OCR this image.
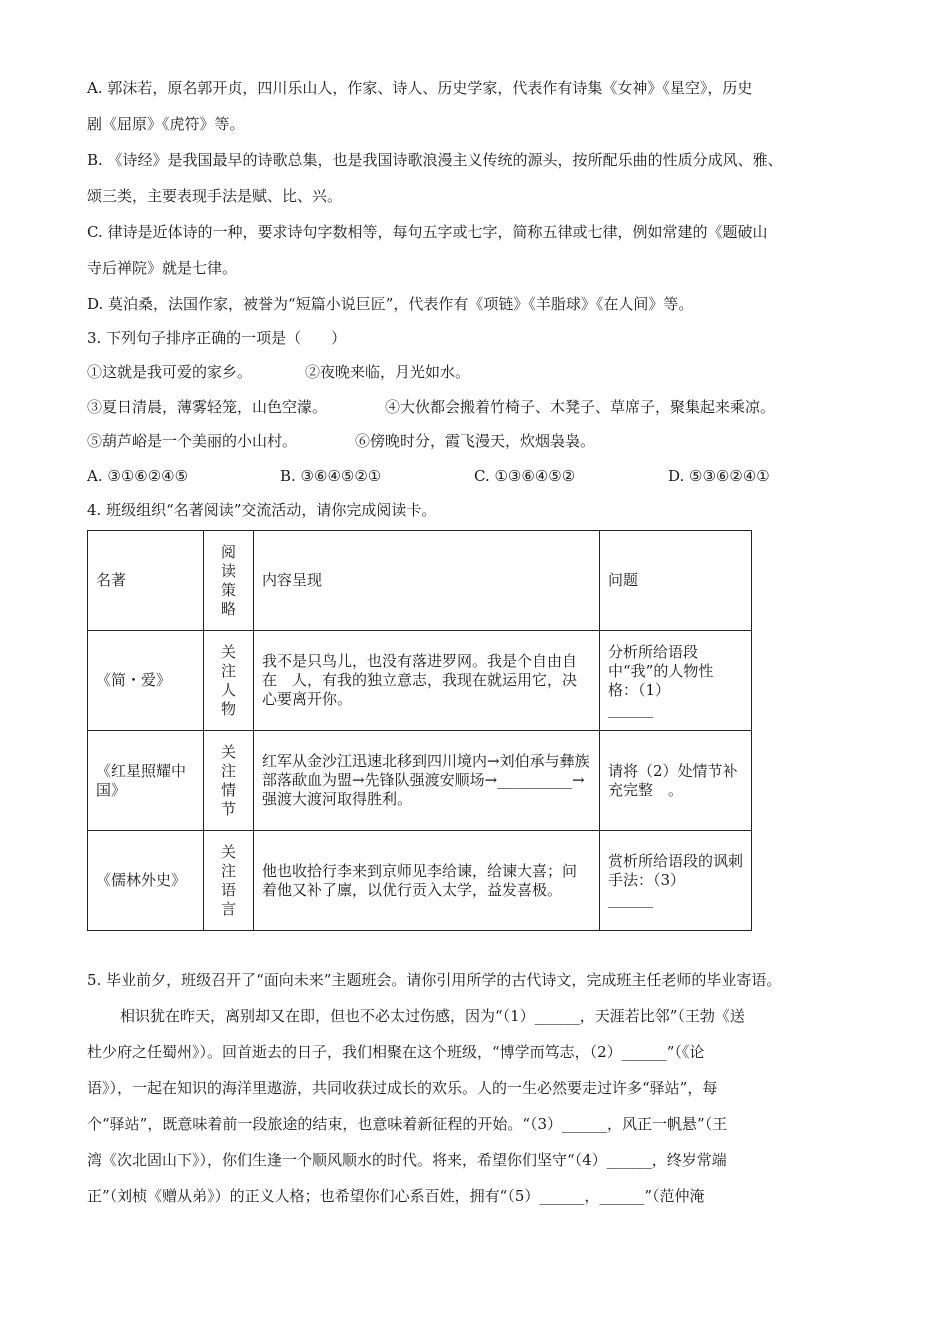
A. 郭沫若，原名郭开贞，四川乐山人，作家、诗人、历史学家，代表作有诗集《女神》《星空》，历史
剧《屈原》《虎符》等。
B. 《诗经》是我国最早的诗歌总集，也是我国诗歌浪漫主义传统的源头，按所配乐曲的性质分成风、雅、
颂三类，主要表现手法是赋、比、兴。
C. 律诗是近体诗的一种，要求诗句字数相等，每句五字或七字，简称五律或七律，例如常建的《题破山
寺后禅院》就是七律。
D. 莫泊桑，法国作家，被誉为“短篇小说巨匠”，代表作有《项链》《羊脂球》《在人间》等。
3. 下列句子排序正确的一项是（　　）
①这就是我可爱的家乡。	②夜晚来临，月光如水。
③夏日清晨，薄雾轻笼，山色空濛。	④大伙都会搬着竹椅子、木凳子、草席子，聚集起来乘凉。
⑤葫芦峪是一个美丽的小山村。	⑥傍晚时分，霞飞漫天，炊烟袅袅。
A. ③①⑥②④⑤	B. ③⑥④⑤②①	C. ①③⑥④⑤②	D. ⑤③⑥②④①
4. 班级组织“名著阅读”交流活动，请你完成阅读卡。
名著	阅读策略	内容呈现	问题
《简・爱》	关注人物	我不是只鸟儿，也没有落进罗网。我是个自由自在　人，有我的独立意志，我现在就运用它，决心要离开你。	分析所给语段中“我”的人物性格：（1）
______
《红星照耀中国》	关注情节	红军从金沙江迅速北移到四川境内→刘伯承与彝族部落歃血为盟→先锋队强渡安顺场→__________→强渡大渡河取得胜利。	请将（2）处情节补充完整　。
《儒林外史》	关注语言	他也收拾行李来到京师见李给谏，给谏大喜；问着他又补了廪，以优行贡入太学，益发喜极。	赏析所给语段的讽刺手法：（3）
______
5. 毕业前夕，班级召开了“面向未来”主题班会。请你引用所学的古代诗文，完成班主任老师的毕业寄语。
相识犹在昨天，离别却又在即，但也不必太过伤感，因为“（1）______，天涯若比邻”（王勃《送
杜少府之任蜀州》）。回首逝去的日子，我们相聚在这个班级，“博学而笃志，（2）______”（《论
语》），一起在知识的海洋里遨游，共同收获过成长的欢乐。人的一生必然要走过许多“驿站”，每
个“驿站”，既意味着前一段旅途的结束，也意味着新征程的开始。“（3）______，风正一帆悬”（王
湾《次北固山下》），你们生逢一个顺风顺水的时代。将来，希望你们坚守“（4）______，终岁常端
正”（刘桢《赠从弟》）的正义人格；也希望你们心系百姓，拥有“（5）______，______”（范仲淹
